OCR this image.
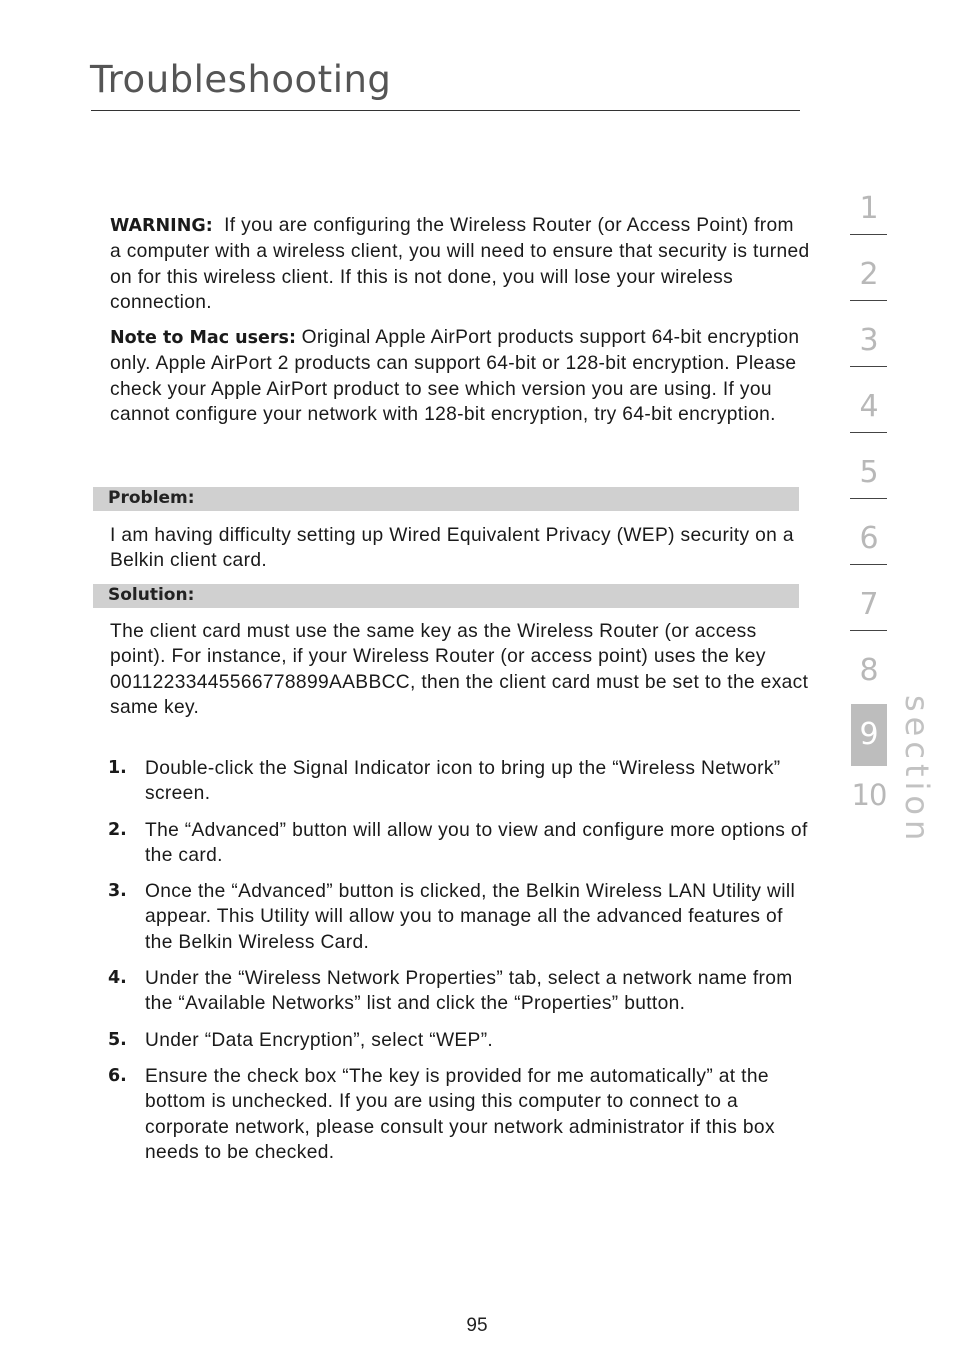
Troubleshooting

WARNING: If you are configuring the Wireless Router (or Access Point) from a computer with a wireless client, you will need to ensure that security is turned on for this wireless client. If this is not done, you will lose your wireless connection.

Note to Mac users: Original Apple AirPort products support 64-bit encryption only. Apple AirPort 2 products can support 64-bit or 128-bit encryption. Please check your Apple AirPort product to see which version you are using. If you cannot configure your network with 128-bit encryption, try 64-bit encryption.

Problem:

I am having difficulty setting up Wired Equivalent Privacy (WEP) security on a Belkin client card.

Solution:

The client card must use the same key as the Wireless Router (or access point). For instance, if your Wireless Router (or access point) uses the key 00112233445566778899AABBCC, then the client card must be set to the exact same key.

1. Double-click the Signal Indicator icon to bring up the “Wireless Network” screen.
2. The “Advanced” button will allow you to view and configure more options of the card.
3. Once the “Advanced” button is clicked, the Belkin Wireless LAN Utility will appear. This Utility will allow you to manage all the advanced features of the Belkin Wireless Card.
4. Under the “Wireless Network Properties” tab, select a network name from the “Available Networks” list and click the “Properties” button.
5. Under “Data Encryption”, select “WEP”.
6. Ensure the check box “The key is provided for me automatically” at the bottom is unchecked. If you are using this computer to connect to a corporate network, please consult your network administrator if this box needs to be checked.
1
2
3
4
5
6
7
8
9
10 section
95
